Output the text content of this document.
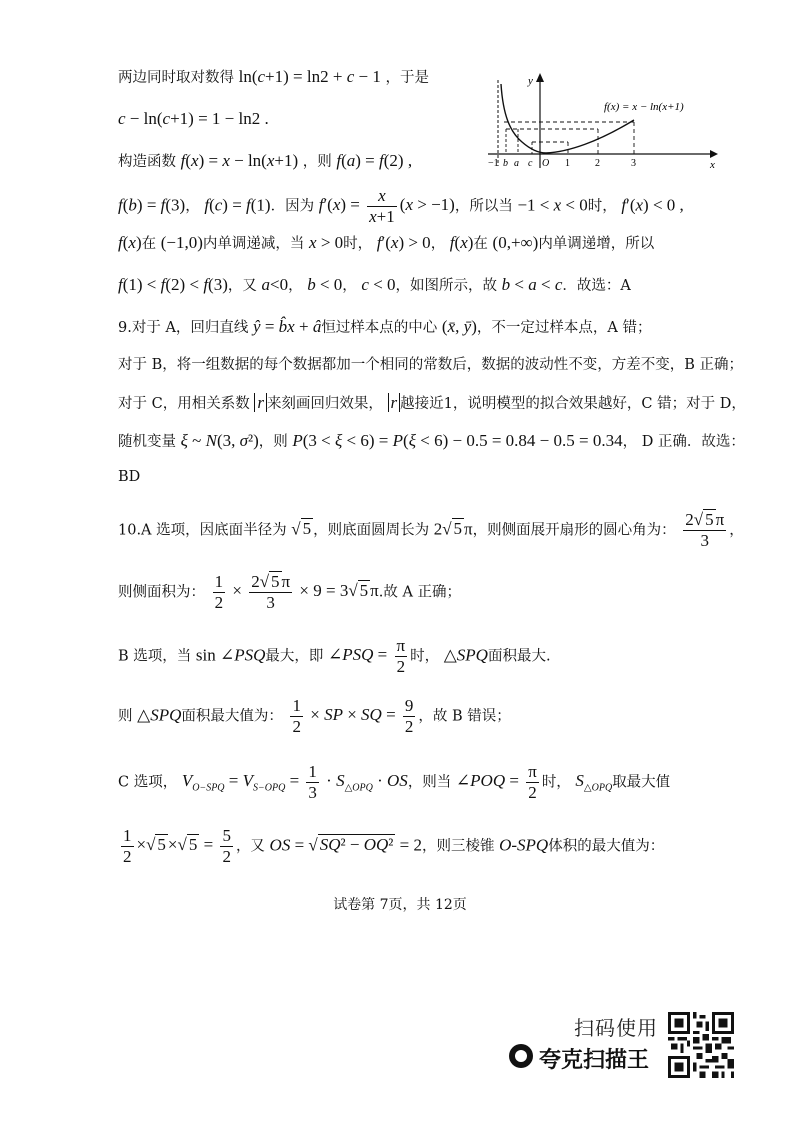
两边同时取对数得 ln(c+1) = ln2 + c − 1 ，于是
c − ln(c+1) = 1 − ln2 .
构造函数 f(x) = x − ln(x+1) ，则 f(a) = f(2) ,
f(x) = x − ln(x+1)
y
x
−1 b a c O 1	2	3
f(b) = f(3)， f(c) = f(1)．因为 $f'(x) = \frac{x}{x+1} (x > -1)$，所以当 −1 < x < 0时， f′(x) < 0 ,
f(x)在 (−1,0)内单调递减，当 x > 0时， f′(x) > 0， f(x)在 (0,+∞)内单调递增，所以
f(1) < f(2) < f(3)，又 a<0， b < 0， c < 0，如图所示，故 b < a < c．故选：A
9.对于 A，回归直线 ŷ = b̂x + â恒过样本点的中心 (x̄, ȳ)，不一定过样本点，A 错；
对于 B，将一组数据的每个数据都加一个相同的常数后，数据的波动性不变，方差不变，B 正确；
对于 C，用相关系数 r 来刻画回归效果， r 越接近1，说明模型的拟合效果越好，C 错；对于 D，
随机变量 ξ ~ N(3, σ²)，则 P(3 < ξ < 6) = P(ξ < 6) − 0.5 = 0.84 − 0.5 = 0.34， D 正确．故选：
BD
10.A 选项，因底面半径为 √ 5 ，则底面圆周长为 2√ 5 π，则侧面展开扇形的圆心角为： $\frac{2√ 5 \pi}{3}$ ，
则侧面积为： $\frac{1}{2} \times \frac{2√ 5 \pi}{3} \times 9 = 3√$ 5 π.故 A 正确；
B 选项，当 sin ∠PSQ最大，即 ∠PSQ = $\frac{\pi}{2}$ 时， △SPQ面积最大.
则 △SPQ面积最大值为： $\frac{1}{2}$ × SP × SQ = $\frac{9}{2}$ ，故 B 错误；
C 选项， $V_{O-SPQ} = V_{S-OPQ} = \frac{1}{3} \cdot S_{\triangle OPQ}$ · OS，则当 ∠POQ = $\frac{\pi}{2}$ 时， $S_{\triangle OPQ}$取最大值
$\frac{1}{2}$ ×√ 5 ×√ $5 = \frac{5}{2}$ ，又 OS = √ SQ² − OQ² = 2，则三棱锥 O-SPQ体积的最大值为：
试卷第 7页，共 12页
扫码使用
夸克扫描王
